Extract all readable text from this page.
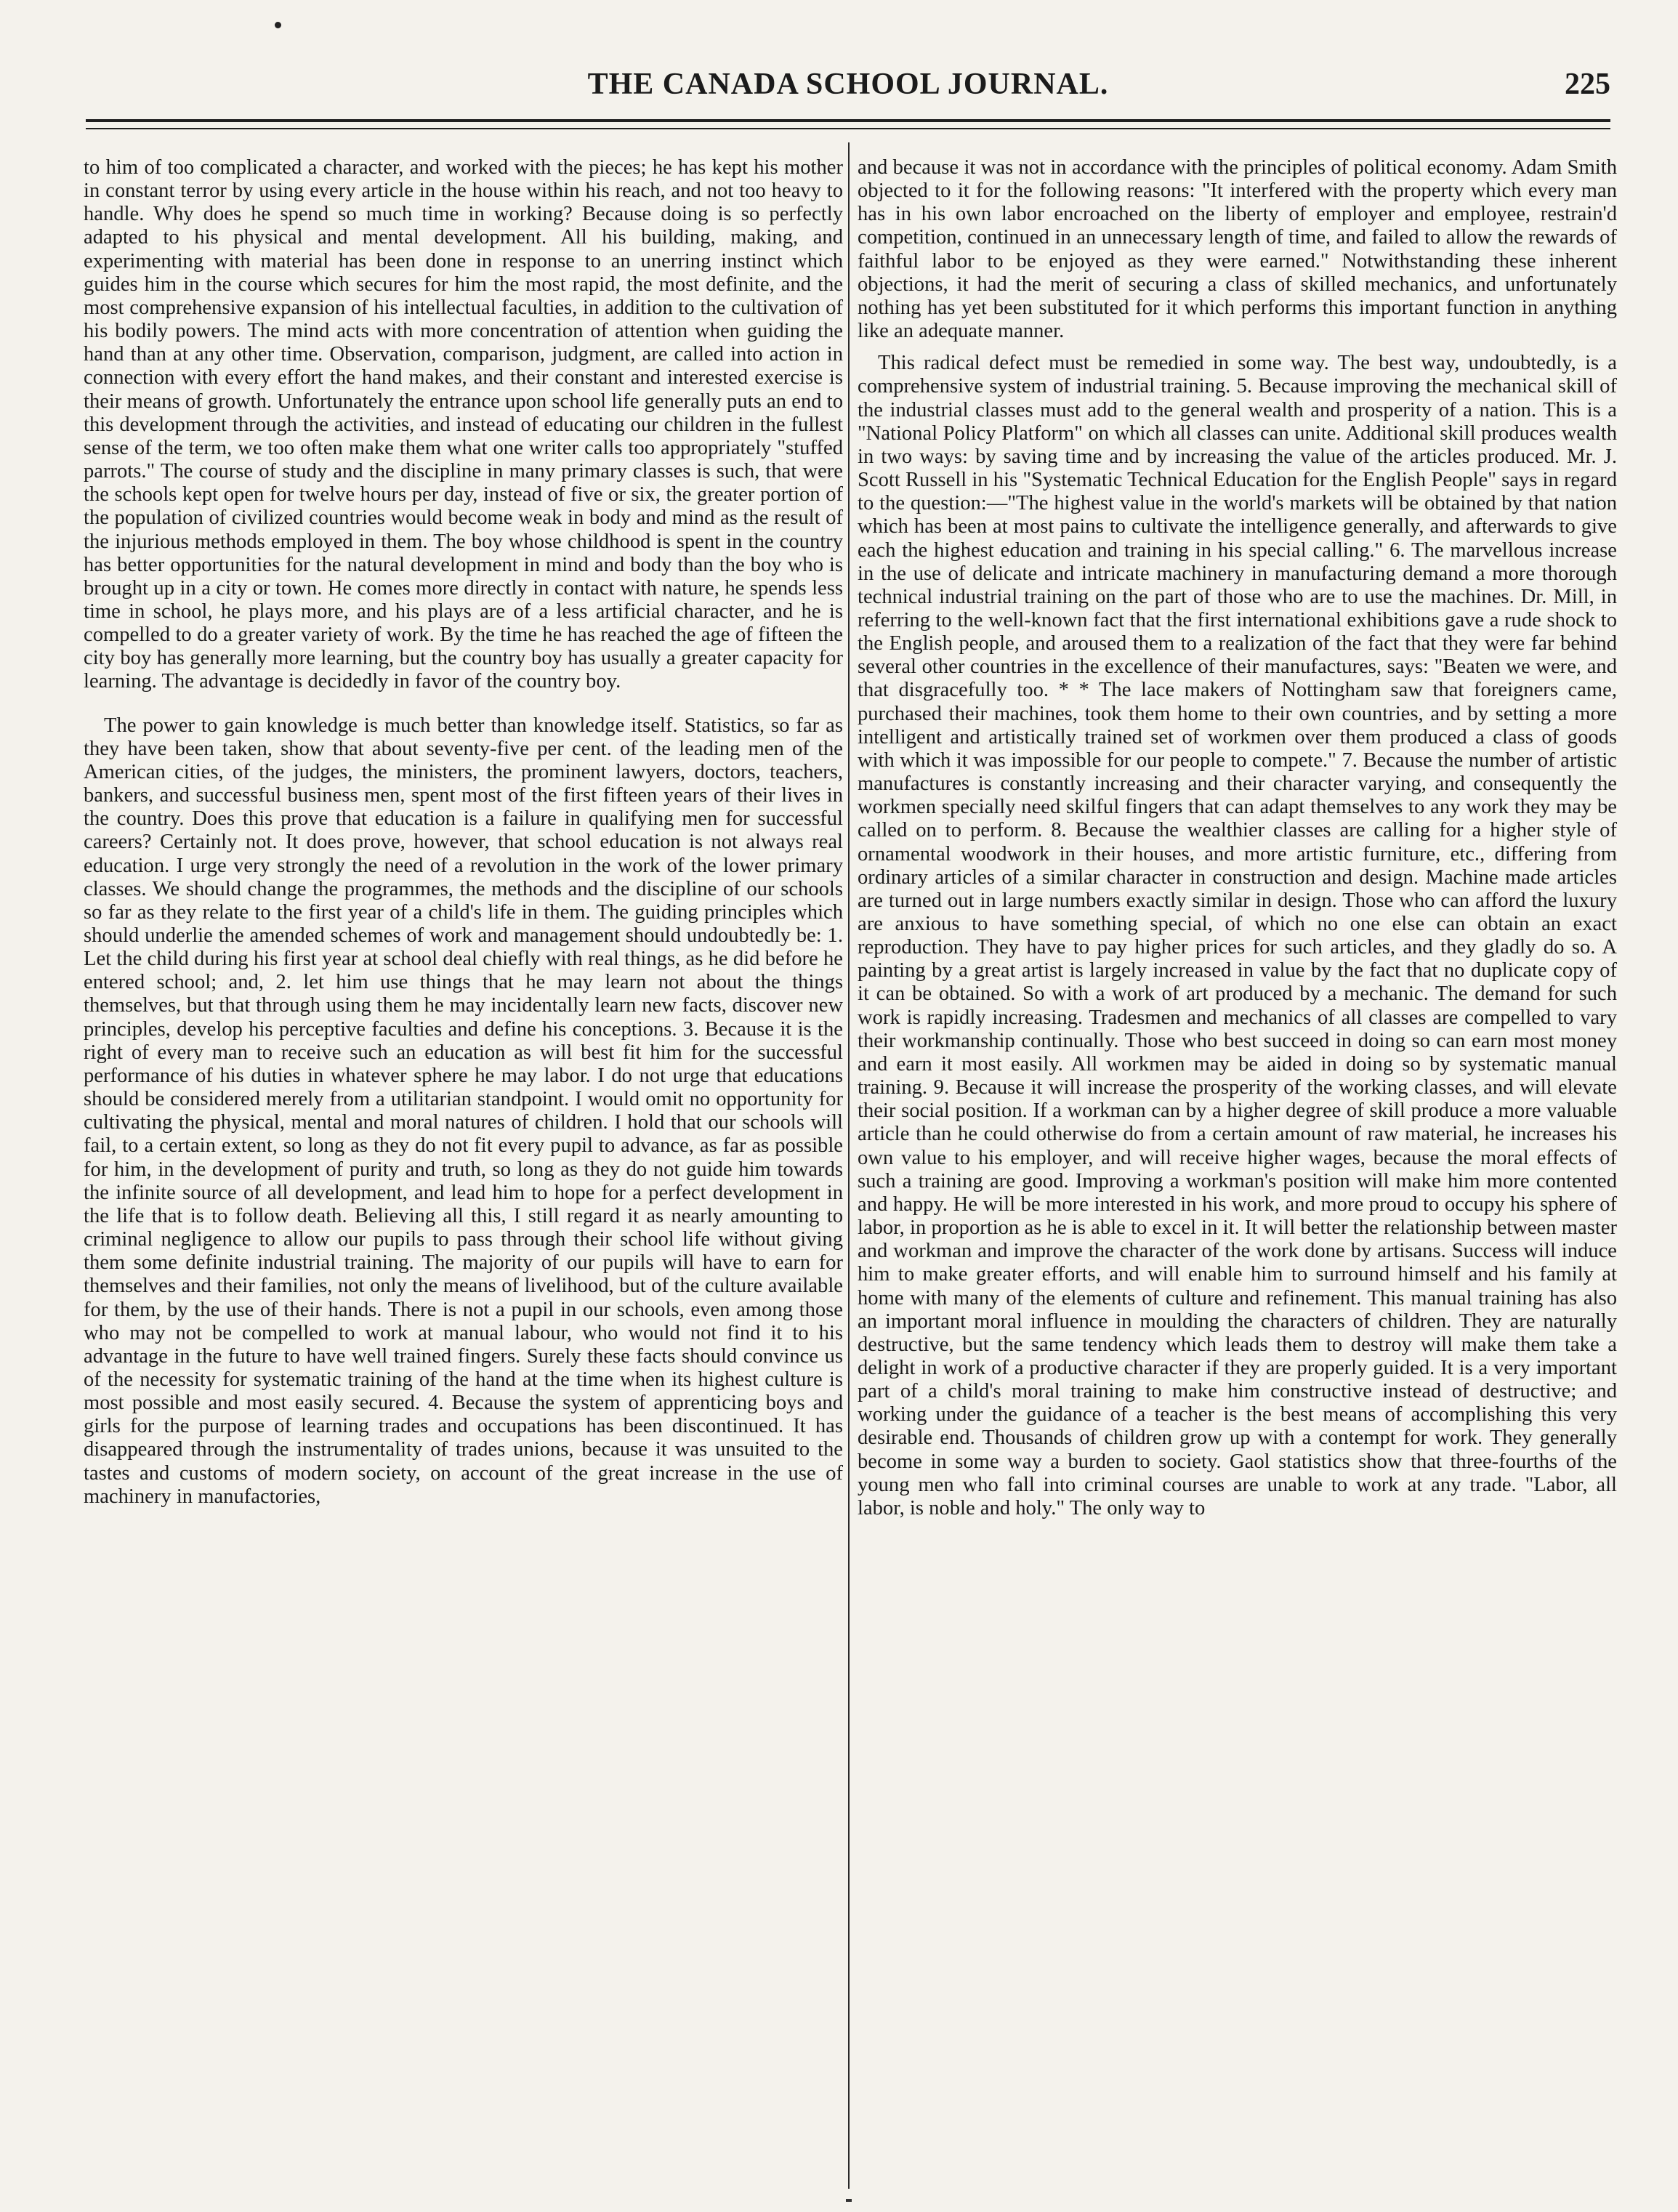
THE CANADA SCHOOL JOURNAL.	225

to him of too complicated a character, and worked with the pieces; he has kept his mother in constant terror by using every article in the house within his reach, and not too heavy to handle. Why does he spend so much time in working? Because doing is so perfectly adapted to his physical and mental development. All his building, making, and experimenting with material has been done in response to an unerring instinct which guides him in the course which secures for him the most rapid, the most definite, and the most comprehensive expansion of his intellectual faculties, in addition to the cultivation of his bodily powers. The mind acts with more concentration of attention when guiding the hand than at any other time. Observation, comparison, judgment, are called into action in connection with every effort the hand makes, and their constant and interested exercise is their means of growth. Unfortunately the entrance upon school life generally puts an end to this development through the activities, and instead of educating our children in the fullest sense of the term, we too often make them what one writer calls too appropriately "stuffed parrots." The course of study and the discipline in many primary classes is such, that were the schools kept open for twelve hours per day, instead of five or six, the greater portion of the population of civilized countries would become weak in body and mind as the result of the injurious methods employed in them. The boy whose childhood is spent in the country has better opportunities for the natural development in mind and body than the boy who is brought up in a city or town. He comes more directly in contact with nature, he spends less time in school, he plays more, and his plays are of a less artificial character, and he is compelled to do a greater variety of work. By the time he has reached the age of fifteen the city boy has generally more learning, but the country boy has usually a greater capacity for learning. The advantage is decidedly in favor of the country boy.

The power to gain knowledge is much better than knowledge itself. Statistics, so far as they have been taken, show that about seventy-five per cent. of the leading men of the American cities, of the judges, the ministers, the prominent lawyers, doctors, teachers, bankers, and successful business men, spent most of the first fifteen years of their lives in the country. Does this prove that education is a failure in qualifying men for successful careers? Certainly not. It does prove, however, that school education is not always real education. I urge very strongly the need of a revolution in the work of the lower primary classes. We should change the programmes, the methods and the discipline of our schools so far as they relate to the first year of a child's life in them. The guiding principles which should underlie the amended schemes of work and management should undoubtedly be: 1. Let the child during his first year at school deal chiefly with real things, as he did before he entered school; and, 2. let him use things that he may learn not about the things themselves, but that through using them he may incidentally learn new facts, discover new principles, develop his perceptive faculties and define his conceptions. 3. Because it is the right of every man to receive such an education as will best fit him for the successful performance of his duties in whatever sphere he may labor. I do not urge that educations should be considered merely from a utilitarian standpoint. I would omit no opportunity for cultivating the physical, mental and moral natures of children. I hold that our schools will fail, to a certain extent, so long as they do not fit every pupil to advance, as far as possible for him, in the development of purity and truth, so long as they do not guide him towards the infinite source of all development, and lead him to hope for a perfect development in the life that is to follow death. Believing all this, I still regard it as nearly amounting to criminal negligence to allow our pupils to pass through their school life without giving them some definite industrial training. The majority of our pupils will have to earn for themselves and their families, not only the means of livelihood, but of the culture available for them, by the use of their hands. There is not a pupil in our schools, even among those who may not be compelled to work at manual labour, who would not find it to his advantage in the future to have well trained fingers. Surely these facts should convince us of the necessity for systematic training of the hand at the time when its highest culture is most possible and most easily secured. 4. Because the system of apprenticing boys and girls for the purpose of learning trades and occupations has been discontinued. It has disappeared through the instrumentality of trades unions, because it was unsuited to the tastes and customs of modern society, on account of the great increase in the use of machinery in manufactories,

and because it was not in accordance with the principles of political economy. Adam Smith objected to it for the following reasons: "It interfered with the property which every man has in his own labor encroached on the liberty of employer and employee, restrain'd competition, continued in an unnecessary length of time, and failed to allow the rewards of faithful labor to be enjoyed as they were earned." Notwithstanding these inherent objections, it had the merit of securing a class of skilled mechanics, and unfortunately nothing has yet been substituted for it which performs this important function in anything like an adequate manner.

This radical defect must be remedied in some way. The best way, undoubtedly, is a comprehensive system of industrial training. 5. Because improving the mechanical skill of the industrial classes must add to the general wealth and prosperity of a nation. This is a "National Policy Platform" on which all classes can unite. Additional skill produces wealth in two ways: by saving time and by increasing the value of the articles produced. Mr. J. Scott Russell in his "Systematic Technical Education for the English People" says in regard to the question:—"The highest value in the world's markets will be obtained by that nation which has been at most pains to cultivate the intelligence generally, and afterwards to give each the highest education and training in his special calling." 6. The marvellous increase in the use of delicate and intricate machinery in manufacturing demand a more thorough technical industrial training on the part of those who are to use the machines. Dr. Mill, in referring to the well-known fact that the first international exhibitions gave a rude shock to the English people, and aroused them to a realization of the fact that they were far behind several other countries in the excellence of their manufactures, says: "Beaten we were, and that disgracefully too. * * The lace makers of Nottingham saw that foreigners came, purchased their machines, took them home to their own countries, and by setting a more intelligent and artistically trained set of workmen over them produced a class of goods with which it was impossible for our people to compete." 7. Because the number of artistic manufactures is constantly increasing and their character varying, and consequently the workmen specially need skilful fingers that can adapt themselves to any work they may be called on to perform. 8. Because the wealthier classes are calling for a higher style of ornamental woodwork in their houses, and more artistic furniture, etc., differing from ordinary articles of a similar character in construction and design. Machine made articles are turned out in large numbers exactly similar in design. Those who can afford the luxury are anxious to have something special, of which no one else can obtain an exact reproduction. They have to pay higher prices for such articles, and they gladly do so. A painting by a great artist is largely increased in value by the fact that no duplicate copy of it can be obtained. So with a work of art produced by a mechanic. The demand for such work is rapidly increasing. Tradesmen and mechanics of all classes are compelled to vary their workmanship continually. Those who best succeed in doing so can earn most money and earn it most easily. All workmen may be aided in doing so by systematic manual training. 9. Because it will increase the prosperity of the working classes, and will elevate their social position. If a workman can by a higher degree of skill produce a more valuable article than he could otherwise do from a certain amount of raw material, he increases his own value to his employer, and will receive higher wages, because the moral effects of such a training are good. Improving a workman's position will make him more contented and happy. He will be more interested in his work, and more proud to occupy his sphere of labor, in proportion as he is able to excel in it. It will better the relationship between master and workman and improve the character of the work done by artisans. Success will induce him to make greater efforts, and will enable him to surround himself and his family at home with many of the elements of culture and refinement. This manual training has also an important moral influence in moulding the characters of children. They are naturally destructive, but the same tendency which leads them to destroy will make them take a delight in work of a productive character if they are properly guided. It is a very important part of a child's moral training to make him constructive instead of destructive; and working under the guidance of a teacher is the best means of accomplishing this very desirable end. Thousands of children grow up with a contempt for work. They generally become in some way a burden to society. Gaol statistics show that three-fourths of the young men who fall into criminal courses are unable to work at any trade. "Labor, all labor, is noble and holy." The only way to
